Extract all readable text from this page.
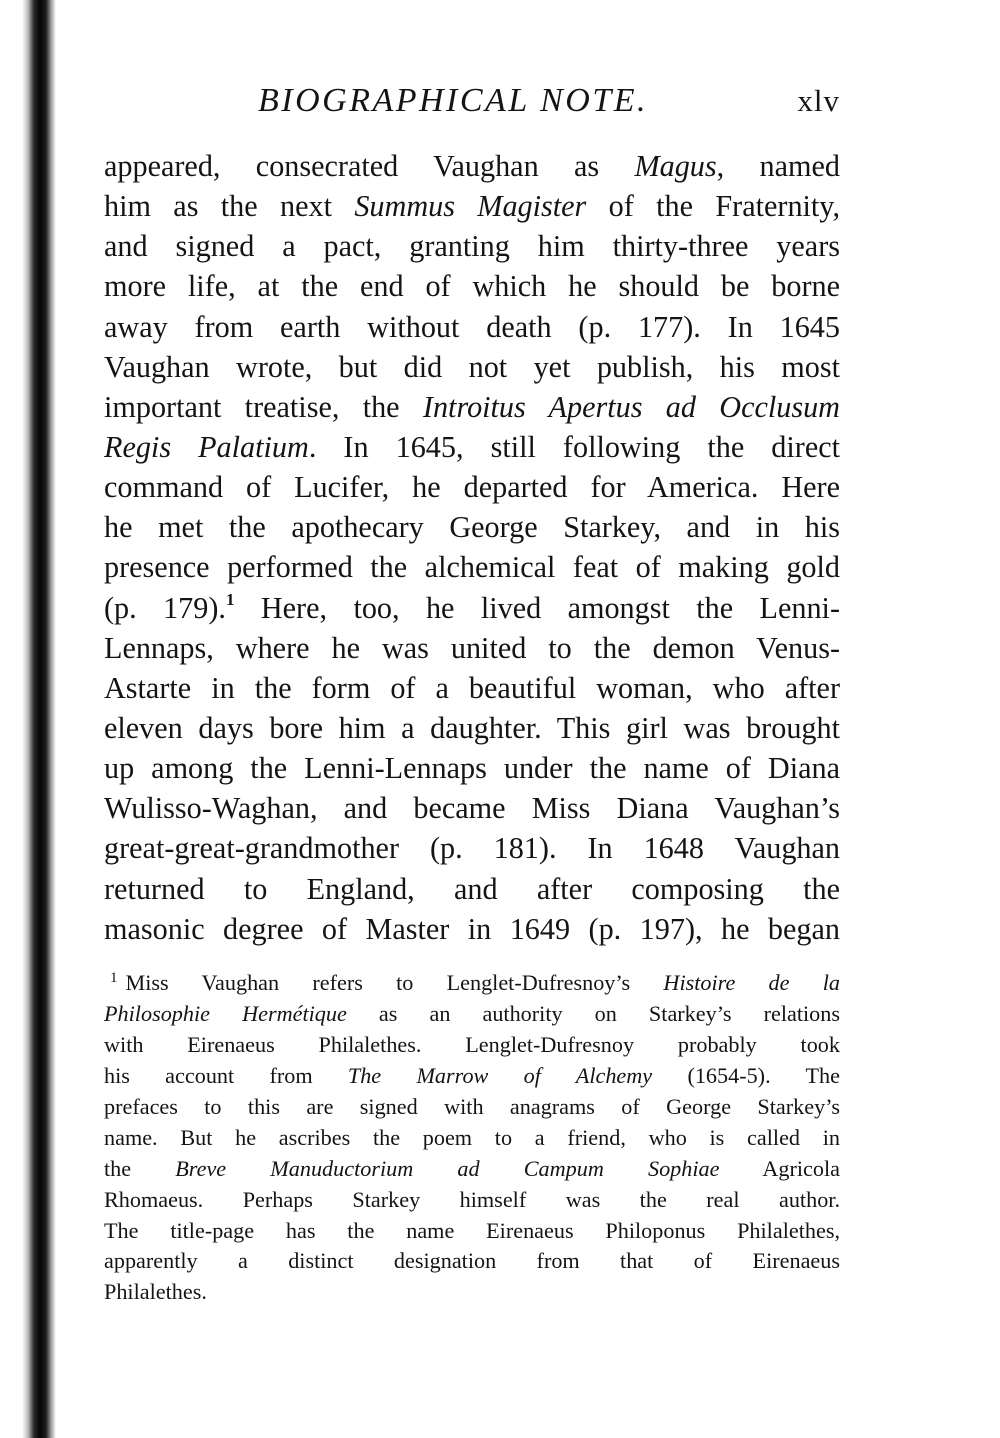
BIOGRAPHICAL NOTE.	xlv
appeared, consecrated Vaughan as Magus, named
him as the next Summus Magister of the Fraternity,
and signed a pact, granting him thirty-three years
more life, at the end of which he should be borne
away from earth without death (p. 177). In 1645
Vaughan wrote, but did not yet publish, his most
important treatise, the Introitus Apertus ad Occlusum
Regis Palatium. In 1645, still following the direct
command of Lucifer, he departed for America. Here
he met the apothecary George Starkey, and in his
presence performed the alchemical feat of making gold
(p. 179).$^1$ Here, too, he lived amongst the Lenni-
Lennaps, where he was united to the demon Venus-
Astarte in the form of a beautiful woman, who after
eleven days bore him a daughter. This girl was brought
up among the Lenni-Lennaps under the name of Diana
Wulisso-Waghan, and became Miss Diana Vaughan’s
great-great-grandmother (p. 181). In 1648 Vaughan
returned to England, and after composing the
masonic degree of Master in 1649 (p. 197), he began
$^1$ Miss Vaughan refers to Lenglet-Dufresnoy’s Histoire de la
Philosophie Hermétique as an authority on Starkey’s relations
with Eirenaeus Philalethes. Lenglet-Dufresnoy probably took
his account from The Marrow of Alchemy (1654-5). The
prefaces to this are signed with anagrams of George Starkey’s
name. But he ascribes the poem to a friend, who is called in
the Breve Manuductorium ad Campum Sophiae Agricola
Rhomaeus. Perhaps Starkey himself was the real author.
The title-page has the name Eirenaeus Philoponus Philalethes,
apparently a distinct designation from that of Eirenaeus
Philalethes.
